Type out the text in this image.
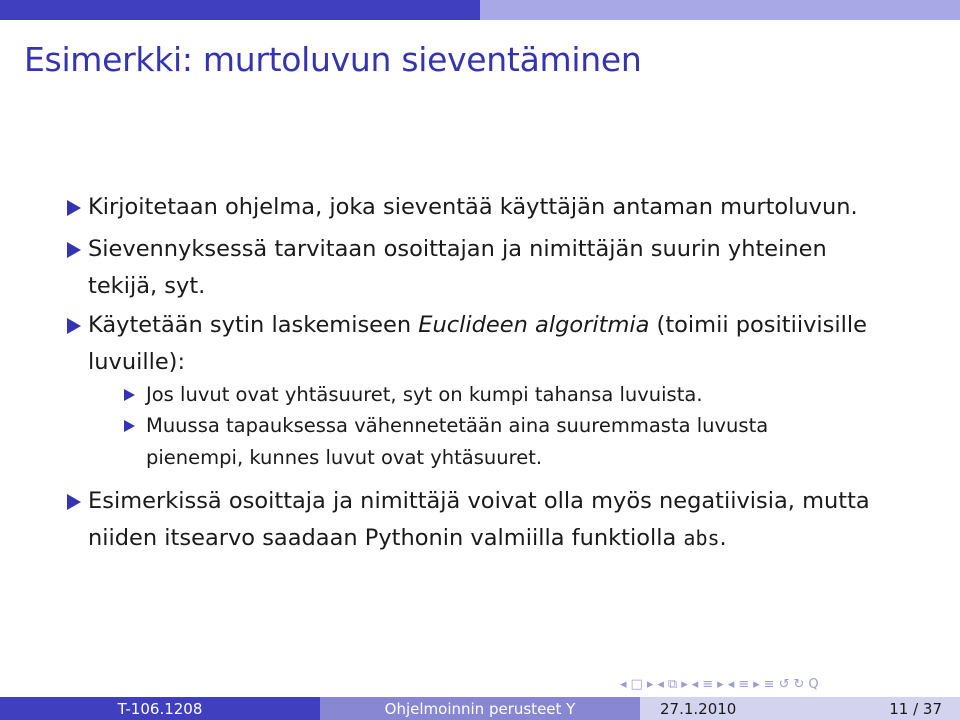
Esimerkki: murtoluvun sieventäminen
Kirjoitetaan ohjelma, joka sieventää käyttäjän antaman murtoluvun.
Sievennyksessä tarvitaan osoittajan ja nimittäjän suurin yhteinen
tekijä, syt.
Käytetään sytin laskemiseen Euclideen algoritmia (toimii positiivisille
luvuille):
Jos luvut ovat yhtäsuuret, syt on kumpi tahansa luvuista.
Muussa tapauksessa vähennetetään aina suuremmasta luvusta
pienempi, kunnes luvut ovat yhtäsuuret.
Esimerkissä osoittaja ja nimittäjä voivat olla myös negatiivisia, mutta
niiden itsearvo saadaan Pythonin valmiilla funktiolla abs.
◂ □ ▸ ◂ ⧉ ▸ ◂ ≡ ▸ ◂ ≡ ▸ ≡ ↺ ↻ Q
T-106.1208	Ohjelmoinnin perusteet Y	27.1.2010	11 / 37
